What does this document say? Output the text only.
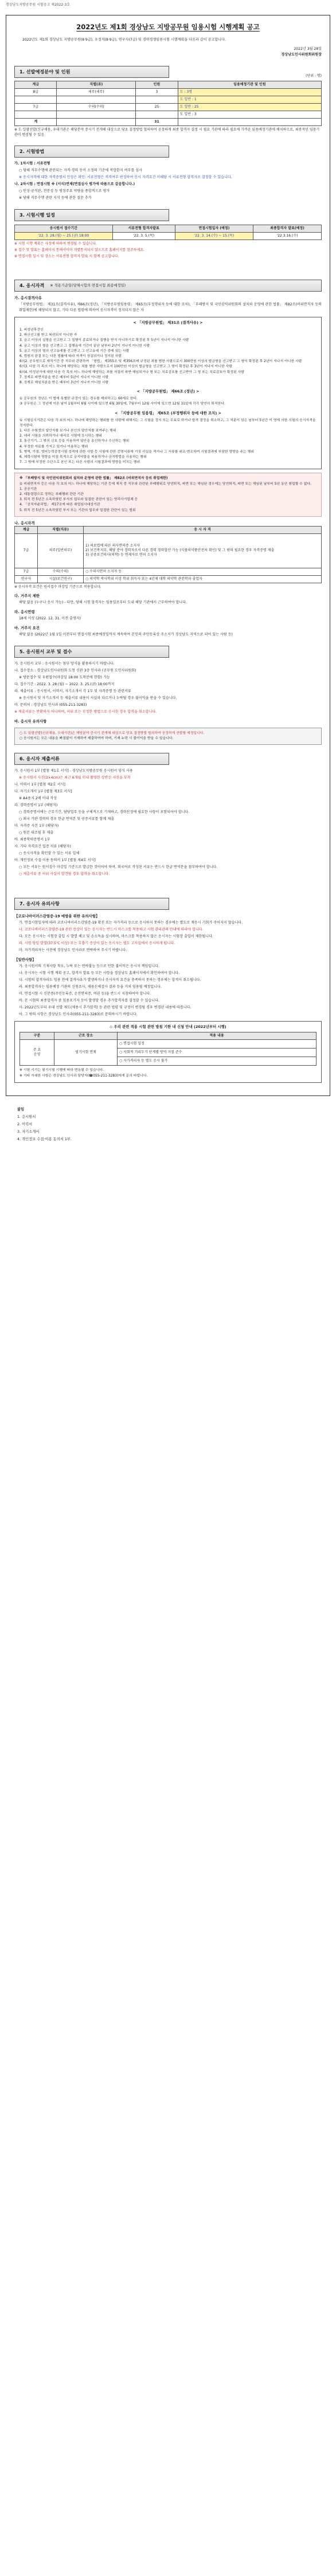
경상남도지방공무원 시험공고 제2022-3호
2022년도 제1회 경상남도 지방공무원 임용시험 시행계획 공고
2022년도 제1회 경상남도 지방공무원(8·9급), 우정직(8·9급), 연구사(7급) 및 경력경쟁임용시험 시행계획을 다음과 같이 공고합니다.
2022년 3월 28일
경상남도인사위원회위원장
1. 선발예정분야 및 인원
(단위 : 명)
계급	직렬(류)	인원	임용예정기관 및 인원
8급	세무(세무)	3	도 : 3명
			도 일반 : 1
7급	수의(수의)	25	도 일반 : 25
			도 일반 : 3
계		31	
※ 도 일괄선발(신규채용, 우대기관은 해당분야 증시기 전개해 대상으로 당초 결정방법 협의하여 공정하게 최종 합격자 결정 시 필요 기관에 따라 필요에 가까운 임용예정기관에 배치하므로, 최종적인 임용기관이 변경될 수 있음
2. 시험방법
가. 1차시험 : 서류전형
○ 당해 직무수행에 관련되는 자격·경력 등이 소정의 기준에 적합한지 여부를 심사
※ 응시자격에 대한 자격증명서 인정은 확인: 서류전형은 적격여부 판정하여 응시 자격요건 미해당 시 서류전형 합격자로 결정할 수 있습니다.
나. 2차시험 : 면접시험 ※ (서식)면제(면접심사 평가에 따름으로 갈음합니다.)
○ 인성·공직관, 전문성 등 평정주요 역량을 종합적으로 평가
※ 당해 직무수행 관련 지식 등에 관한 질문 추가
3. 시험시행 일정
응시원서 접수기간	서류전형 합격자발표	면접시험일자 (예정)	최종합격자 발표(예정)
'22. 3. 28.(월) ~ 25.(금) 18:00	'22. 3. 5.(목)	'22. 3. 14.(수) ~ 15.(목)	'22.3.16.(수)
※ 시험 시행 계획은 사정에 의하여 변경될 수 있습니다.
※ 접수 및 발표는 홈페이지 통해서이며 개별통지되지 않으므로 홈페이지를 참조하세요.
※ 면접시험 일시 및 장소는 서류전형 합격자 발표 시 함께 공고합니다.
4. 응시자격 ※ 적용기준일(당해시험의 면접시험 최종예정일)
가. 응시결격사유
「지방공무원법」 제31조(결격사유), 제66조(정년), 「지방공무원임용령」 제65조(부정행위자 등에 대한 조치), 「부패방지 및 국민권익위원회의 설치와 운영에 관한 법률」 제82조(비위면직자 등의 취업제한)에 해당되지 않고, 기타 다른 법령에 의하여 응시자격이 정지되지 않은 자
< 「지방공무원법」 제31조 (결격사유) >
1. 피성년후견인
2. 파산선고를 받고 복권되지 아니한 자
3. 금고 이상의 실형을 선고받고 그 집행이 종료되거나 집행을 받지 아니하기로 확정된 후 5년이 지나지 아니한 사람
4. 금고 이상의 형을 선고받고 그 집행유예 기간이 끝난 날부터 2년이 지나지 아니한 사람
5. 금고 이상의 형의 선고유예를 선고받고 그 선고유예 기간 중에 있는 사람
6. 법원의 판결 또는 다른 법률에 따라 자격이 상실되거나 정지된 사람
6의2. 공무원으로 재직기간 중 직무와 관련하여 「형법」 제355조 및 제356조에 규정된 죄를 범한 사람으로서 300만원 이상의 벌금형을 선고받고 그 형이 확정된 후 2년이 지나지 아니한 사람
6의3. 다음 각 목의 어느 하나에 해당하는 죄를 범한 사람으로서 100만원 이상의 벌금형을 선고받고 그 형이 확정된 후 3년이 지나지 아니한 사람
6의4. 미성년자에 대한 다음 각 목의 어느 하나에 해당하는 죄를 저질러 파면·해임되거나 형 또는 치료감호를 선고받아 그 형 또는 치료감호가 확정된 사람
7. 징계로 파면처분을 받은 때부터 5년이 지나지 아니한 사람
8. 징계로 해임처분을 받은 때부터 3년이 지나지 아니한 사람
< 「지방공무원법」 제66조 (정년) >
① 공무원의 정년은 이 법에 특별한 규정이 있는 경우를 제외하고는 60세로 한다.
③ 공무원은 그 정년에 이른 날이 1월부터 6월 사이에 있으면 6월 30일에, 7월부터 12월 사이에 있으면 12월 31일에 각각 당연히 퇴직한다.
< 「지방공무원 임용령」 제65조 (부정행위자 등에 대한 조치) >
① 시험실시기관은 다음 각 호의 어느 하나에 해당하는 행위를 한 사람에 대해서는 그 시험을 정지 또는 무효로 하거나 합격 결정을 취소하고, 그 처분이 있은 날부터 5년간 이 영에 의한 시험의 응시자격을 정지한다.
1. 다른 수험생의 답안지를 보거나 본인의 답안지를 보여주는 행위
2. 대리 시험을 의뢰하거나 대리로 시험에 응시하는 행위
3. 통신기기, 그 밖의 신호 등을 이용하여 답안을 송신하거나 수신하는 행위
4. 부정한 자료를 가지고 있거나 이용하는 행위
5. 병역, 가점, 영어능력검정시험 성적에 관한 사항 등 시험에 관한 증명서류에 거짓 사실을 적거나 그 서류를 위조·변조하여 시험결과에 부당한 영향을 주는 행위
6. 체력시험에 영향을 미칠 목적으로 금지약물을 복용하거나 금지방법을 사용하는 행위
7. 그 밖에 부정한 수단으로 본인 또는 다른 사람의 시험결과에 영향을 미치는 행위
※ 「부패방지 및 국민권익위원회의 설치와 운영에 관한 법률」 제82조 (비위면직자 등의 취업제한)
① 비위면직자 등은 다음 각 호의 어느 하나에 해당하는 기관 등에 재직 중 직무와 관련된 부패행위로 당연퇴직, 파면 또는 해임된 경우에는 당연퇴직, 파면 또는 해임된 날부터 5년 동안 취업할 수 없다.
1. 공공기관
2. 대통령령으로 정하는 부패행위 관련 기관
3. 퇴직 전 5년간 소속하였던 부서의 업무와 밀접한 관련이 있는 영리사기업체 등
4. 「공직자윤리법」 제17조에 따른 취업심사대상기관
5. 퇴직 전 5년간 소속하였던 부서 또는 기관의 업무와 밀접한 관련이 있는 협회
나. 응시자격
계급	직렬(직류)	응 시 자 격
7급	의무(일반의무)	1) 의료법에 따른 의사면허증 소지자
2) 보건복지부, 해당 분야 경력자로서 다른 경력 경력합산 가능 (식품의약품안전처 확인) 및 그 밖의 필요한 경우 자격증명 제출
3) 공중보건의사(의학) 등 면제자로 면허 소지자
7급	수의(수의)	○ 수의사면허 소지자 등
연구사	시설(보건연구)	○ 의약학 박사학위 이상 학위 취득자 또는 4년제 대학 의약학 관련학과 졸업자
※ 응시자격 요건은 원서접수 마감일 기준으로 적용합니다.
다. 거주지 제한
해당 없음 (누구나 응시 가능) - 다만, 당해 시험 합격자는 임용일로부터 도내 해당 기관에서 근무하여야 합니다.
라. 응시연령
18세 이상 (2022. 12. 31. 이전 출생자)
마. 거주지 요건
해당 없음 (2022년 1월 1일 이전부터 면접시험 최종예정일까지 계속하여 본인의 주민등록상 주소지가 경상남도 지역으로 되어 있는 사람 등)
5. 응시원서 교부 및 접수
가. 응시원서 교부 : 응시원서는 첨부 양식을 활용하시기 바랍니다.
나. 접수장소 : 경상남도인사위원회 도청 신관 3층 인사과 (공무원 도인사위원회)
※ 방문접수 및 우편접수(마감일 18:00 도착분에 한함) 가능
다. 접수기간 : 2022. 3. 28.(월) ~ 2022. 3. 25.(금) 18:00까지
라. 제출서류 : 응시원서, 이력서, 자기소개서 각 1부 및 자격증명 등 관련서류
※ 응시원서 및 자기소개서 등 제출서류 내용이 사실과 다르거나 누락될 경우 불이익을 받을 수 있습니다.
마. 문의처 : 경상남도 인사과 (055-211-3283)
※ 제출서류는 반환하지 아니하며, 허위 또는 부정한 방법으로 응시한 경우 합격을 취소합니다.
바. 응시자 유의사항
○ 도 일괄선발(신규채용, 우대기관)은 해당분야 증시기 전개해 대상으로 당초 결정방법 협의하여 공정하게 선발할 예정입니다.
○ 응시원서는 모든 내용을 빠짐없이 기재하여 제출하여야 하며, 기재 누락 시 불이익을 받을 수 있습니다.
6. 응시자 제출서류
가. 응시원서 1부 [별첨 제1호 서식] - 경상남도지방공무원 응시원서 양식 사용
※ 응시원서 사진(3×4cm)은 최근 6개월 이내 촬영한 상반신 사진을 부착
나. 이력서 1부 [별첨 제2호 서식]
다. 자기소개서 1부 [별첨 제3호 서식]
※ A4용지 2매 이내 작성
라. 경력증명서 1부 (해당자)
○ 경력증명서에는 근무기간, 담당업무 등을 구체적으로 기재하고, 경력산정에 필요한 사항이 포함되어야 합니다.
○ 외국 기관 경력의 경우 한글 번역본 및 공증서류를 함께 제출
마. 자격증 사본 1부 (해당자)
○ 원본 대조필 후 제출
바. 최종학력증명서 1부
사. 기타 자격요건 입증 서류 (해당자)
○ 응시자격을 확인할 수 있는 서류 일체
아. 개인정보 수집·이용 동의서 1부 [별첨 제4호 서식]
○ 모든 서류는 원서접수 마감일 기준으로 발급한 것이어야 하며, 외국어로 작성된 서류는 반드시 한글 번역문을 첨부하여야 합니다.
○ 제출서류 중 허위 사실이 발견될 경우 합격을 취소합니다.
7. 응시자 유의사항
【코로나바이러스감염증-19 예방을 위한 유의사항】
가. 면접시험일자에 따라 코로나바이러스감염증-19 확진 또는 자가격리 등으로 응시하지 못하는 경우에는 별도로 재응시 기회가 주어지지 않습니다.
나. 코로나바이러스감염증-19 관련 증상이 있는 응시자는 반드시 마스크를 착용하고 시험 관리관의 안내에 따라야 합니다.
다. 모든 응시자는 시험장 출입 시 발열 체크 및 손소독을 실시하며, 마스크를 착용하지 않은 응시자는 시험장 출입이 제한됩니다.
라. 시험 당일 발열(37.5℃ 이상) 또는 호흡기 증상이 있는 응시자는 별도 고사실에서 응시하게 됩니다.
마. 자가격리자는 사전에 경상남도 인사과로 연락하여 주시기 바랍니다.
【일반사항】
가. 응시원서의 기재사항 착오, 누락 또는 연락불능 등으로 인한 불이익은 응시자 책임입니다.
나. 응시자는 시험 시행 계획 공고, 합격자 발표 등 모든 사항을 경상남도 홈페이지에서 확인하여야 합니다.
다. 시험의 합격자라도 임용 전에 결격사유가 발생하거나 응시자격 요건을 충족하지 못하는 경우에는 합격이 취소됩니다.
라. 최종합격자는 임용예정 기관의 신원조사, 채용신체검사 결과 등을 거쳐 임용될 예정입니다.
마. 면접시험 시 신분증(주민등록증, 운전면허증, 여권 등)을 반드시 지참하여야 합니다.
바. 본 시험의 최종합격자 중 임용포기자 등이 발생할 경우 추가합격자를 결정할 수 있습니다.
사. 2022년도부터 우대 선발 제도(채용시 추가합격) 등 관련 법령 및 규정이 변경될 경우 변경된 내용에 따릅니다.
아. 그 밖의 사항은 경상남도 인사과(055-211-3283)로 문의하시기 바랍니다.
◇ 우리 관련 적용 시험 관련 방침 기한 내 신청 안내 (2022년부터 시행)
구분	근로 장소	적용 내용
주 요
운영	필기시험 면제	○ 면접시험 일정
		○ 사회적 거리두기 단계별 방역 지침 준수
		○ 자가격리자 등 별도 응시 불가
※ 시험 시기는 필기시험 시행에 따라 변동될 수 있습니다.
※ 기타 자세한 사항은 경상남도 인사과 담당자(☎055-211-3283)에게 문의 바랍니다.
붙임
1. 응시원서
2. 이력서
3. 자기소개서
4. 개인정보 수집·이용 동의서 1부.
